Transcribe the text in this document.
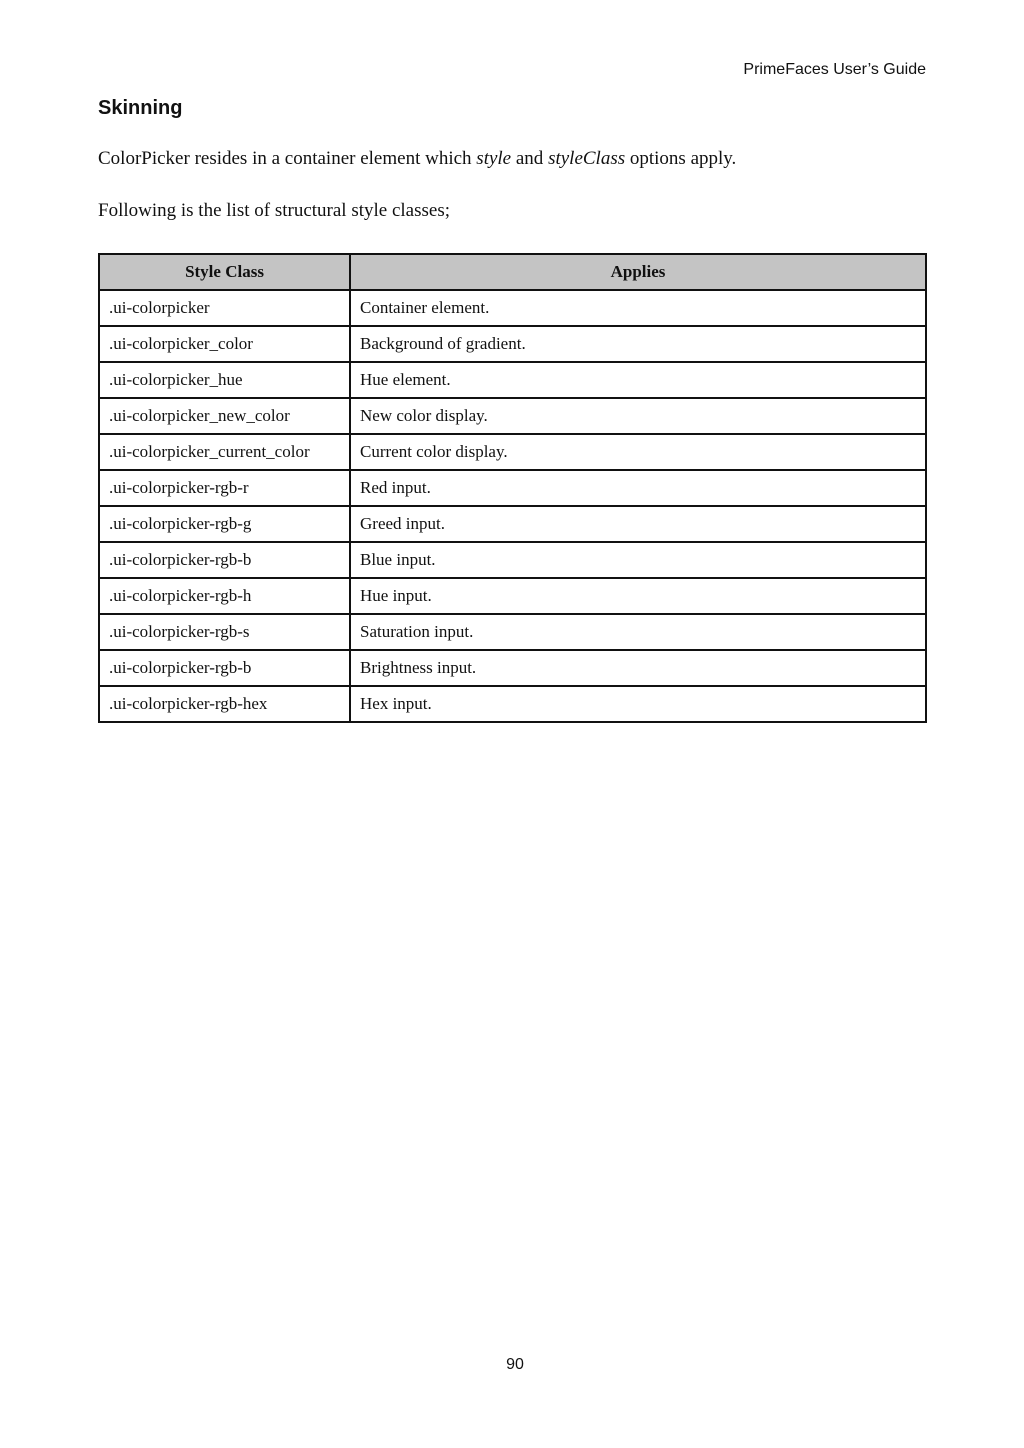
PrimeFaces User’s Guide
Skinning

ColorPicker resides in a container element which style and styleClass options apply.

Following is the list of structural style classes;

Style Class	Applies
.ui-colorpicker	Container element.
.ui-colorpicker_color	Background of gradient.
.ui-colorpicker_hue	Hue element.
.ui-colorpicker_new_color	New color display.
.ui-colorpicker_current_color	Current color display.
.ui-colorpicker-rgb-r	Red input.
.ui-colorpicker-rgb-g	Greed input.
.ui-colorpicker-rgb-b	Blue input.
.ui-colorpicker-rgb-h	Hue input.
.ui-colorpicker-rgb-s	Saturation input.
.ui-colorpicker-rgb-b	Brightness input.
.ui-colorpicker-rgb-hex	Hex input.
90
